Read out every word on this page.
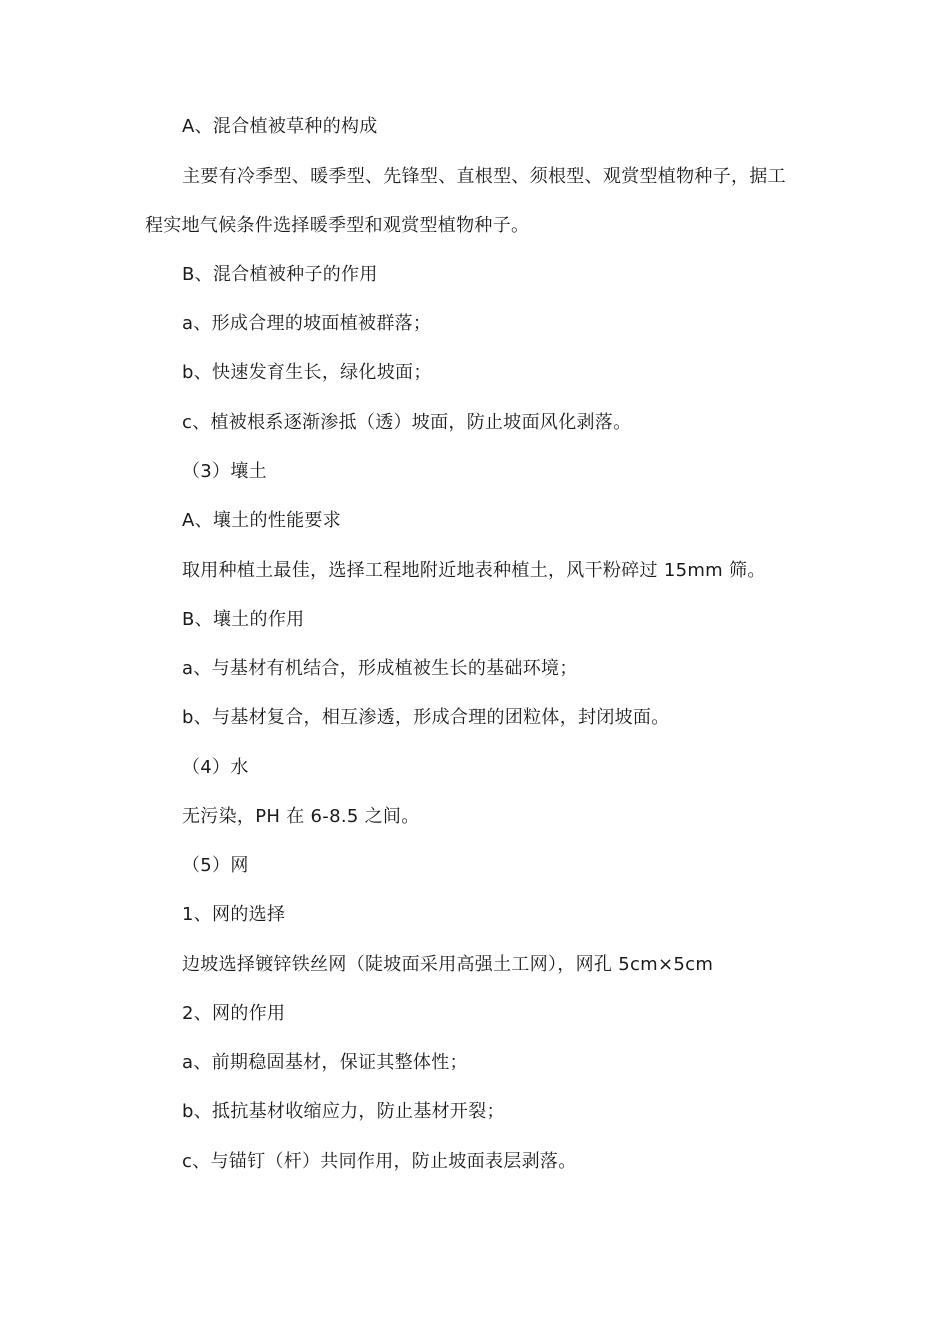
A、混合植被草种的构成
主要有冷季型、暖季型、先锋型、直根型、须根型、观赏型植物种子，据工
程实地气候条件选择暖季型和观赏型植物种子。
B、混合植被种子的作用
a、形成合理的坡面植被群落；
b、快速发育生长，绿化坡面；
c、植被根系逐渐渗抵（透）坡面，防止坡面风化剥落。
（3）壤土
A、壤土的性能要求
取用种植土最佳，选择工程地附近地表种植土，风干粉碎过 15mm 筛。
B、壤土的作用
a、与基材有机结合，形成植被生长的基础环境；
b、与基材复合，相互渗透，形成合理的团粒体，封闭坡面。
（4）水
无污染，PH 在 6-8.5 之间。
（5）网
1、网的选择
边坡选择镀锌铁丝网（陡坡面采用高强土工网），网孔 5cm×5cm
2、网的作用
a、前期稳固基材，保证其整体性；
b、抵抗基材收缩应力，防止基材开裂；
c、与锚钉（杆）共同作用，防止坡面表层剥落。
